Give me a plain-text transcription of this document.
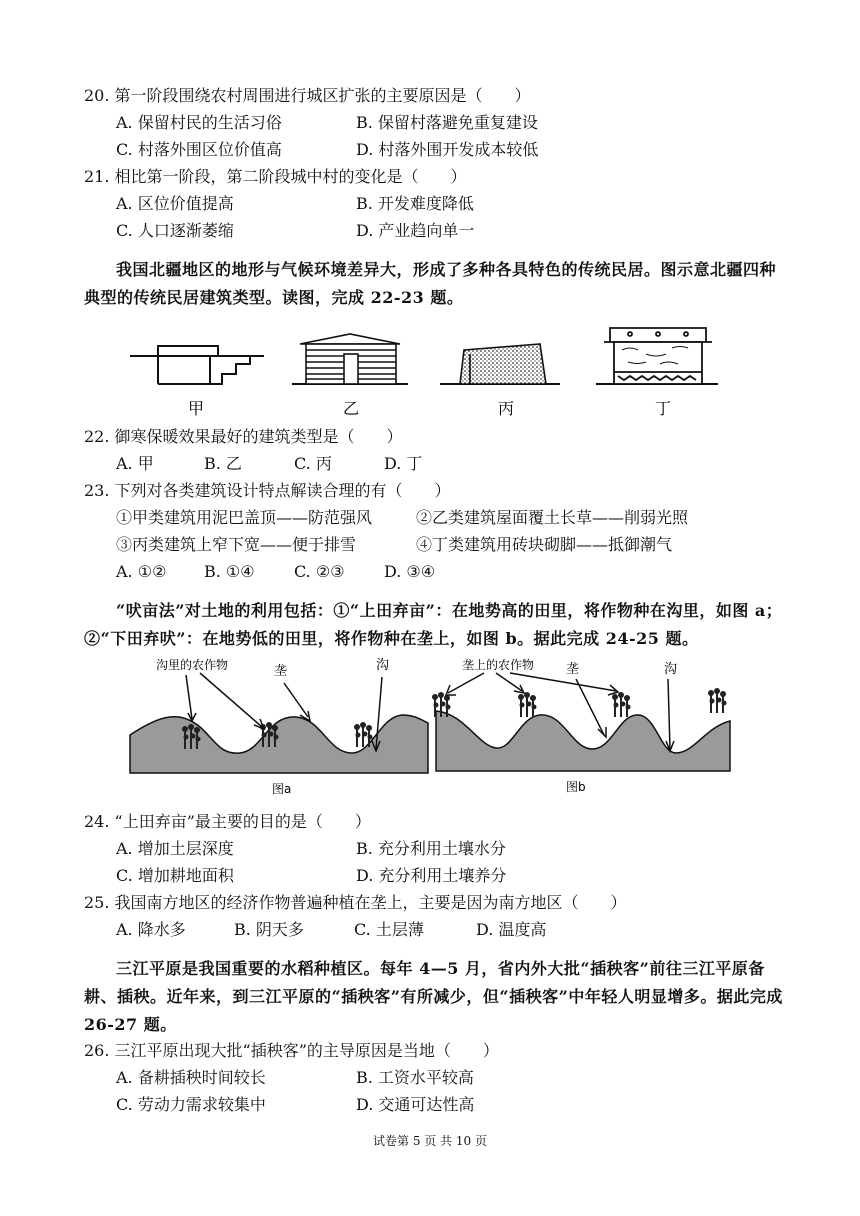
20. 第一阶段围绕农村周围进行城区扩张的主要原因是（　　）
A. 保留村民的生活习俗	B. 保留村落避免重复建设
C. 村落外围区位价值高	D. 村落外围开发成本较低
21. 相比第一阶段，第二阶段城中村的变化是（　　）
A. 区位价值提高	B. 开发难度降低
C. 人口逐渐萎缩	D. 产业趋向单一
我国北疆地区的地形与气候环境差异大，形成了多种各具特色的传统民居。图示意北疆四种典型的传统民居建筑类型。读图，完成 22-23 题。
甲	乙	丙	丁
22. 御寒保暖效果最好的建筑类型是（　　）
A. 甲	B. 乙	C. 丙	D. 丁
23. 下列对各类建筑设计特点解读合理的有（　　）
①甲类建筑用泥巴盖顶——防范强风	②乙类建筑屋面覆土长草——削弱光照
③丙类建筑上窄下宽——便于排雪	④丁类建筑用砖块砌脚——抵御潮气
A. ①② B. ①④ C. ②③ D. ③④
“吠亩法”对土地的利用包括：①“上田弃亩”：在地势高的田里，将作物种在沟里，如图 a；②“下田弃吠”：在地势低的田里，将作物种在垄上，如图 b。据此完成 24-25 题。
沟里的农作物	垄	沟
图a
垄上的农作物 垄	沟
图b
24. “上田弃亩”最主要的目的是（　　）
A. 增加土层深度	B. 充分利用土壤水分
C. 增加耕地面积	D. 充分利用土壤养分
25. 我国南方地区的经济作物普遍种植在垄上，主要是因为南方地区（　　）
A. 降水多	B. 阴天多	C. 土层薄	D. 温度高
三江平原是我国重要的水稻种植区。每年 4—5 月，省内外大批“插秧客”前往三江平原备耕、插秧。近年来，到三江平原的“插秧客”有所减少，但“插秧客”中年轻人明显增多。据此完成 26-27 题。
26. 三江平原出现大批“插秧客”的主导原因是当地（　　）
A. 备耕插秧时间较长	B. 工资水平较高
C. 劳动力需求较集中	D. 交通可达性高
试卷第 5 页 共 10 页
